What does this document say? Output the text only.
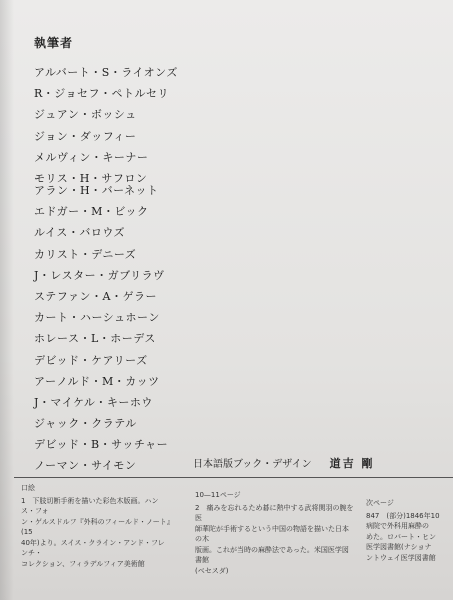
執筆者
アルバート・S・ライオンズ
R・ジョセフ・ペトルセリ
ジュアン・ボッシュ
ジョン・ダッフィー
メルヴィン・キーナー
モリス・H・サフロン
アラン・H・バーネット
エドガー・M・ビック
ルイス・バロウズ
カリスト・デニーズ
J・レスター・ガブリラヴ
ステファン・A・ゲラー
カート・ハーシュホーン
ホレース・L・ホーデス
デビッド・ケアリーズ
アーノルド・M・カッツ
J・マイケル・キーホウ
ジャック・クラテル
デビッド・B・サッチャー
ノーマン・サイモン	日本語版ブック・デザイン 道吉 剛
口絵

1　下肢切断手術を描いた彩色木版画。ハンス・フォ

ン・ゲルスドルフ『外科のフィールド・ノート』(15

40年)より。スイス・クライン・アンド・フレンチ・

コレクション、フィラデルフィア美術館

10—11ページ

2　痛みを忘れるため碁に熱中する武将関羽の腕を医

師華陀が手術するという中国の物語を描いた日本の木

版画。これが当時の麻酔法であった。米国医学図書館

(ベセスダ)

次ページ

847　(部分)1846年10

病院で外科用麻酔の

めた。ロバート・ヒン

医学図書館(ナショナ

ントウェイ医学図書館
